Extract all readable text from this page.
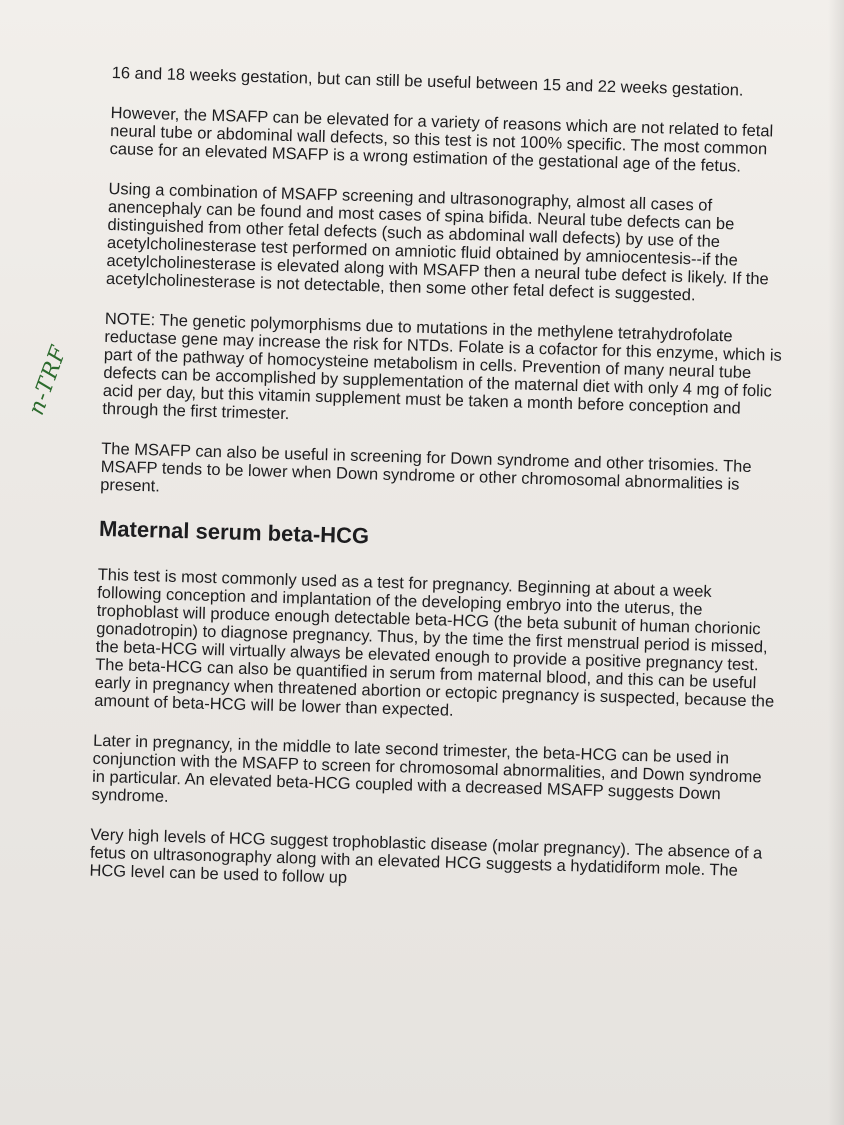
n-TRF

16 and 18 weeks gestation, but can still be useful between 15 and 22 weeks gestation.

However, the MSAFP can be elevated for a variety of reasons which are not related to fetal neural tube or abdominal wall defects, so this test is not 100% specific. The most common cause for an elevated MSAFP is a wrong estimation of the gestational age of the fetus.

Using a combination of MSAFP screening and ultrasonography, almost all cases of anencephaly can be found and most cases of spina bifida. Neural tube defects can be distinguished from other fetal defects (such as abdominal wall defects) by use of the acetylcholinesterase test performed on amniotic fluid obtained by amniocentesis--if the acetylcholinesterase is elevated along with MSAFP then a neural tube defect is likely. If the acetylcholinesterase is not detectable, then some other fetal defect is suggested.

NOTE: The genetic polymorphisms due to mutations in the methylene tetrahydrofolate reductase gene may increase the risk for NTDs. Folate is a cofactor for this enzyme, which is part of the pathway of homocysteine metabolism in cells. Prevention of many neural tube defects can be accomplished by supplementation of the maternal diet with only 4 mg of folic acid per day, but this vitamin supplement must be taken a month before conception and through the first trimester.

The MSAFP can also be useful in screening for Down syndrome and other trisomies. The MSAFP tends to be lower when Down syndrome or other chromosomal abnormalities is present.

Maternal serum beta-HCG

This test is most commonly used as a test for pregnancy. Beginning at about a week following conception and implantation of the developing embryo into the uterus, the trophoblast will produce enough detectable beta-HCG (the beta subunit of human chorionic gonadotropin) to diagnose pregnancy. Thus, by the time the first menstrual period is missed, the beta-HCG will virtually always be elevated enough to provide a positive pregnancy test. The beta-HCG can also be quantified in serum from maternal blood, and this can be useful early in pregnancy when threatened abortion or ectopic pregnancy is suspected, because the amount of beta-HCG will be lower than expected.

Later in pregnancy, in the middle to late second trimester, the beta-HCG can be used in conjunction with the MSAFP to screen for chromosomal abnormalities, and Down syndrome in particular. An elevated beta-HCG coupled with a decreased MSAFP suggests Down syndrome.

Very high levels of HCG suggest trophoblastic disease (molar pregnancy). The absence of a fetus on ultrasonography along with an elevated HCG suggests a hydatidiform mole. The HCG level can be used to follow up
